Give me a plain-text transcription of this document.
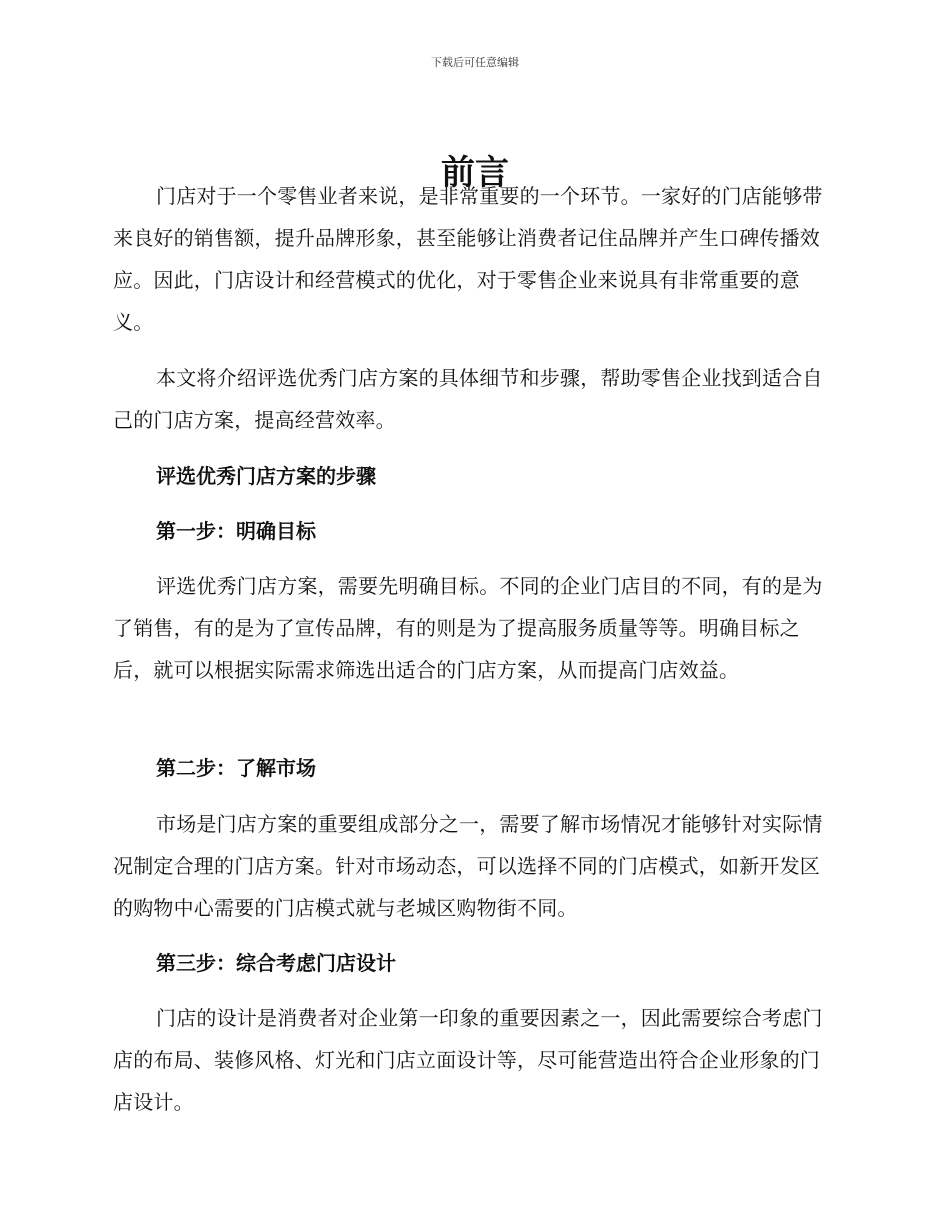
下载后可任意编辑
前言

门店对于一个零售业者来说，是非常重要的一个环节。一家好的门店能够带来良好的销售额，提升品牌形象，甚至能够让消费者记住品牌并产生口碑传播效应。因此，门店设计和经营模式的优化，对于零售企业来说具有非常重要的意义。

本文将介绍评选优秀门店方案的具体细节和步骤，帮助零售企业找到适合自己的门店方案，提高经营效率。

评选优秀门店方案的步骤
第一步：明确目标

评选优秀门店方案，需要先明确目标。不同的企业门店目的不同，有的是为了销售，有的是为了宣传品牌，有的则是为了提高服务质量等等。明确目标之后，就可以根据实际需求筛选出适合的门店方案，从而提高门店效益。

第二步：了解市场

市场是门店方案的重要组成部分之一，需要了解市场情况才能够针对实际情况制定合理的门店方案。针对市场动态，可以选择不同的门店模式，如新开发区的购物中心需要的门店模式就与老城区购物街不同。

第三步：综合考虑门店设计

门店的设计是消费者对企业第一印象的重要因素之一，因此需要综合考虑门店的布局、装修风格、灯光和门店立面设计等，尽可能营造出符合企业形象的门店设计。
